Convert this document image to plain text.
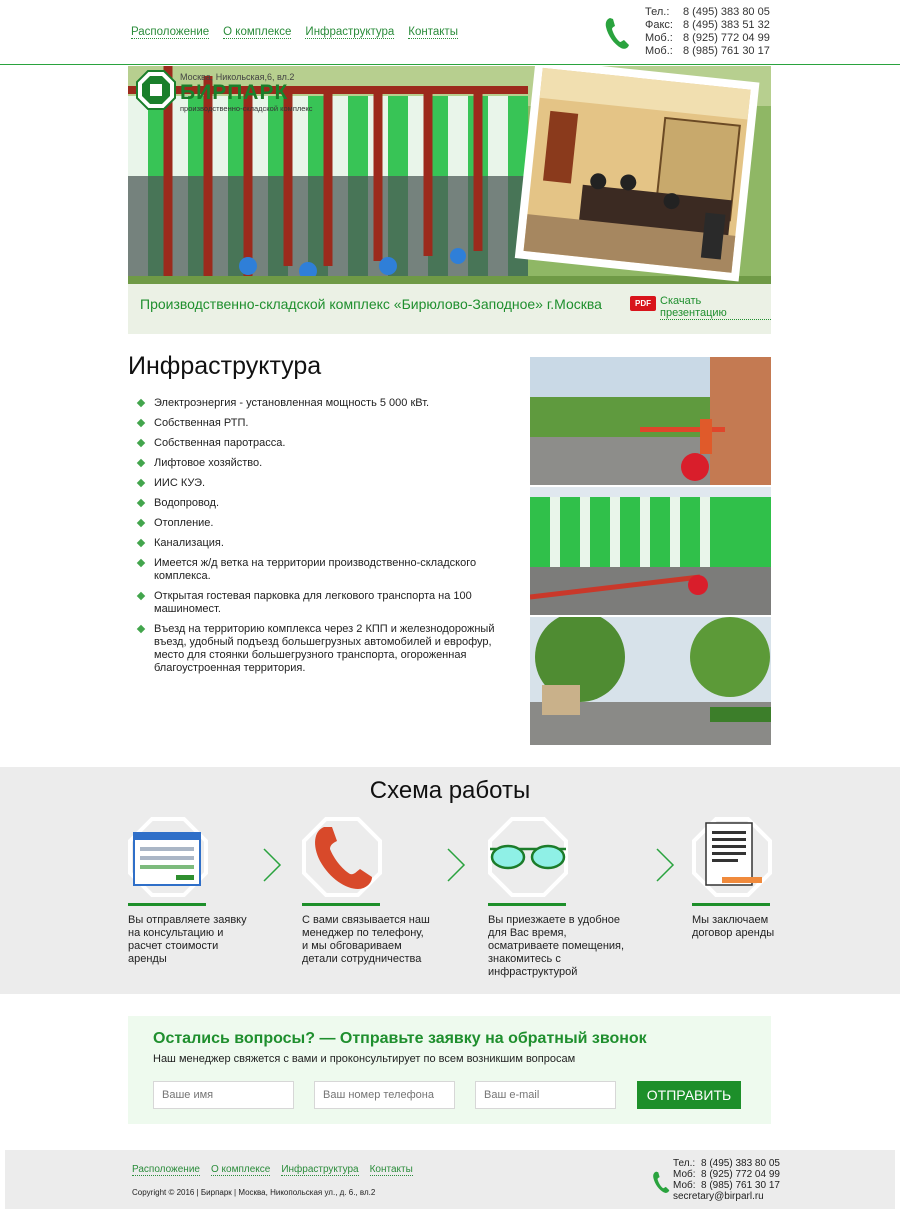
Расположение О комплексе Инфраструктура Контакты
Тел.:	8 (495) 383 80 05
Факс: 8 (495) 383 51 32
Моб.: 8 (925) 772 04 99
Моб.: 8 (985) 761 30 17
Москва, Никольская,6, вл.2
БИРПАРК
производственно-складской комплекс
Производственно-складской комплекс «Бирюлово-Заподное» г.Москва	PDF Скачать презентацию
Инфраструктура
Электроэнергия - установленная мощность 5 000 кВт.
Собственная РТП.
Собственная паротрасса.
Лифтовое хозяйство.
ИИС КУЭ.
Водопровод.
Отопление.
Канализация.
Имеется ж/д ветка на территории производственно-складского комплекса.
Открытая гостевая парковка для легкового транспорта на 100 машиномест.
Въезд на территорию комплекса через 2 КПП и железнодорожный въезд, удобный подъезд большегрузных автомобилей и еврофур, место для стоянки большегрузного транспорта, огороженная благоустроенная территория.
Схема работы
Вы отправляете заявку на консультацию и расчет стоимости аренды
С вами связывается наш менеджер по телефону, и мы обговариваем детали сотрудничества
Вы приезжаете в удобное для Вас время, осматриваете помещения, знакомитесь с инфраструктурой
Мы заключаем договор аренды
Остались вопросы? — Отправьте заявку на обратный звонок
Наш менеджер свяжется с вами и проконсультирует по всем возникшим вопросам
Ваше имя
Ваш номер телефона
Ваш e-mail
ОТПРАВИТЬ
Расположение О комплексе Инфраструктура Контакты
Copyright © 2016 | Бирпарк | Москва, Никопольская ул., д. 6., вл.2
Тел.: 8 (495) 383 80 05
Моб: 8 (925) 772 04 99
Моб: 8 (985) 761 30 17
secretary@birparl.ru
